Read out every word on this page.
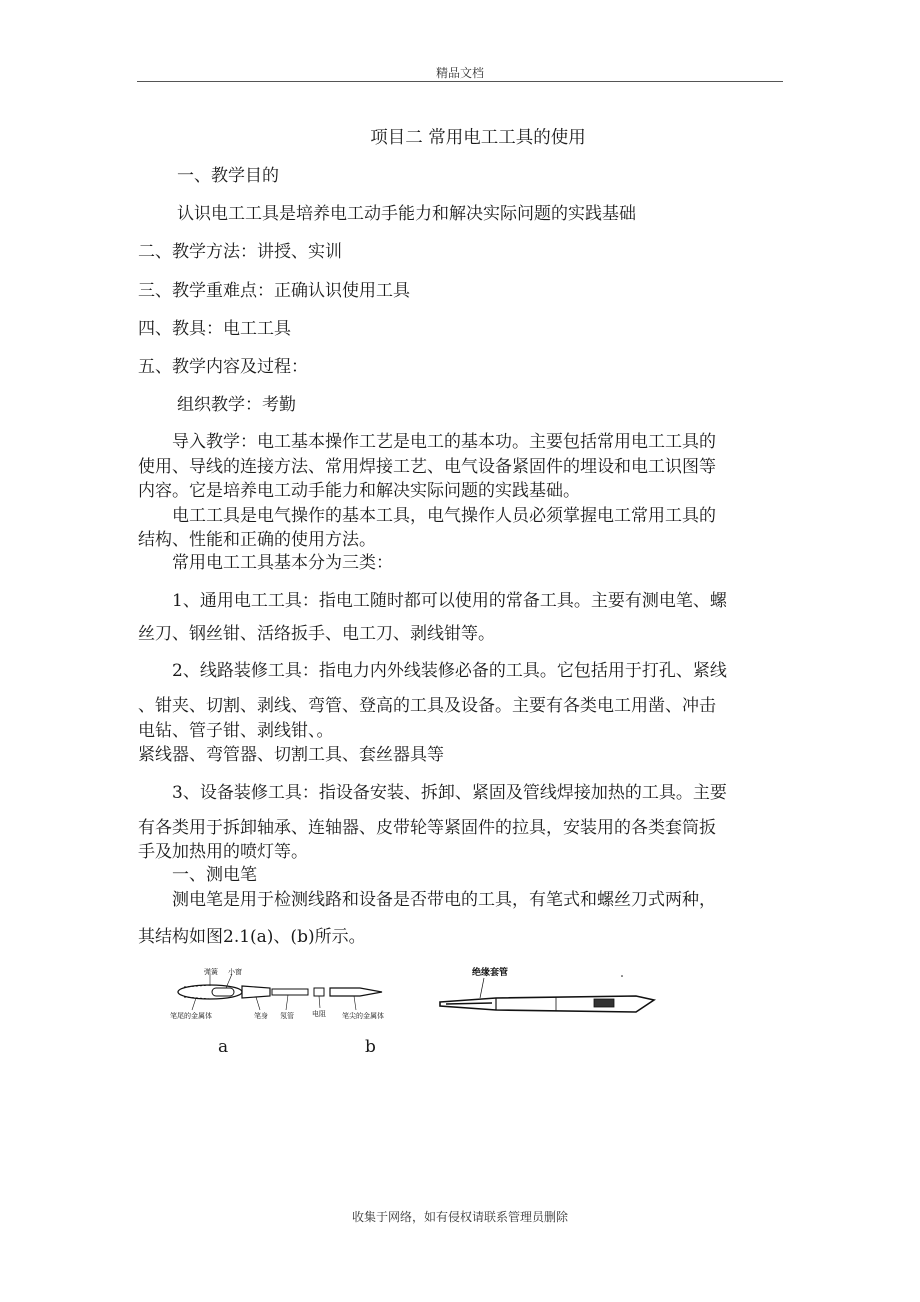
精品文档
项目二 常用电工工具的使用
一、教学目的
认识电工工具是培养电工动手能力和解决实际问题的实践基础
二、教学方法：讲授、实训
三、教学重难点：正确认识使用工具
四、教具：电工工具
五、教学内容及过程：
组织教学：考勤
导入教学：电工基本操作工艺是电工的基本功。主要包括常用电工工具的
使用、导线的连接方法、常用焊接工艺、电气设备紧固件的埋设和电工识图等
内容。它是培养电工动手能力和解决实际问题的实践基础。
电工工具是电气操作的基本工具，电气操作人员必须掌握电工常用工具的
结构、性能和正确的使用方法。
常用电工工具基本分为三类：
1、通用电工工具：指电工随时都可以使用的常备工具。主要有测电笔、螺
丝刀、钢丝钳、活络扳手、电工刀、剥线钳等。
2、线路装修工具：指电力内外线装修必备的工具。它包括用于打孔、紧线
、钳夹、切割、剥线、弯管、登高的工具及设备。主要有各类电工用凿、冲击
电钻、管子钳、剥线钳、。
紧线器、弯管器、切割工具、套丝器具等
3、设备装修工具：指设备安装、拆卸、紧固及管线焊接加热的工具。主要
有各类用于拆卸轴承、连轴器、皮带轮等紧固件的拉具，安装用的各类套筒扳
手及加热用的喷灯等。
一、测电笔
测电笔是用于检测线路和设备是否带电的工具，有笔式和螺丝刀式两种，
其结构如图2.1(a)、(b)所示。
弹簧 小窗
笔尾的金属体	笔身 氖管	电阻 笔尖的金属体
绝缘套管
a	b
收集于网络，如有侵权请联系管理员删除
